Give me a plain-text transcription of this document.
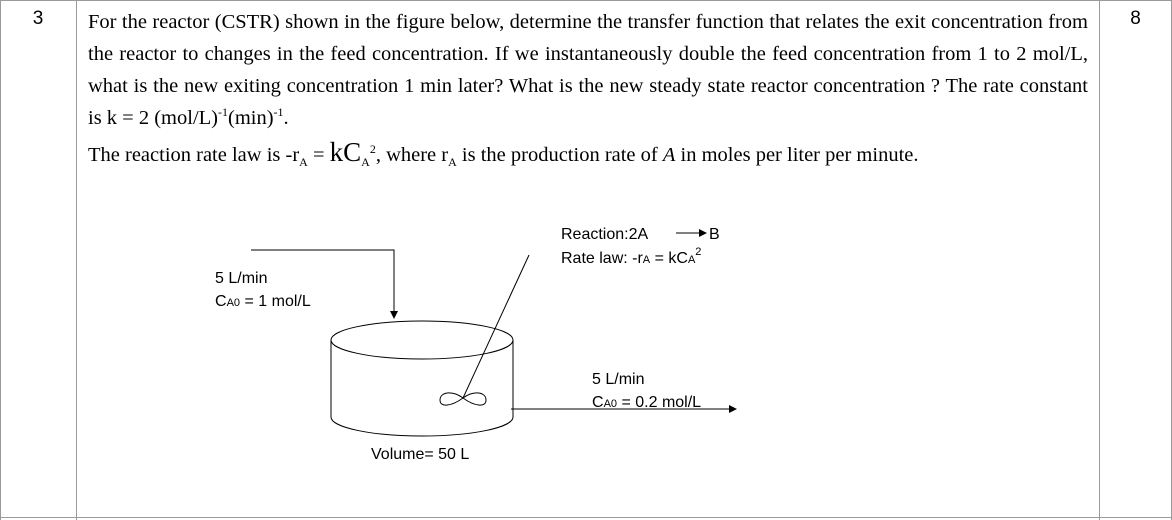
3	8

For the reactor (CSTR) shown in the figure below, determine the transfer function that relates the exit concentration from the reactor to changes in the feed concentration. If we instantaneously double the feed concentration from 1 to 2 mol/L, what is the new exiting concentration 1 min later? What is the new steady state reactor concentration ? The rate constant is k = 2 $(mol/L)^{-1}(\min)^{-1}$.

The reaction rate law is $-r_A = kC_A^2$, where $r_A$ is the production rate of A in moles per liter per minute.

Reaction:2A	B
Rate law: -rA = kCA$^2$
5 L/min
CA0 = 1 mol/L
5 L/min
CA0 = 0.2 mol/L
Volume= 50 L
